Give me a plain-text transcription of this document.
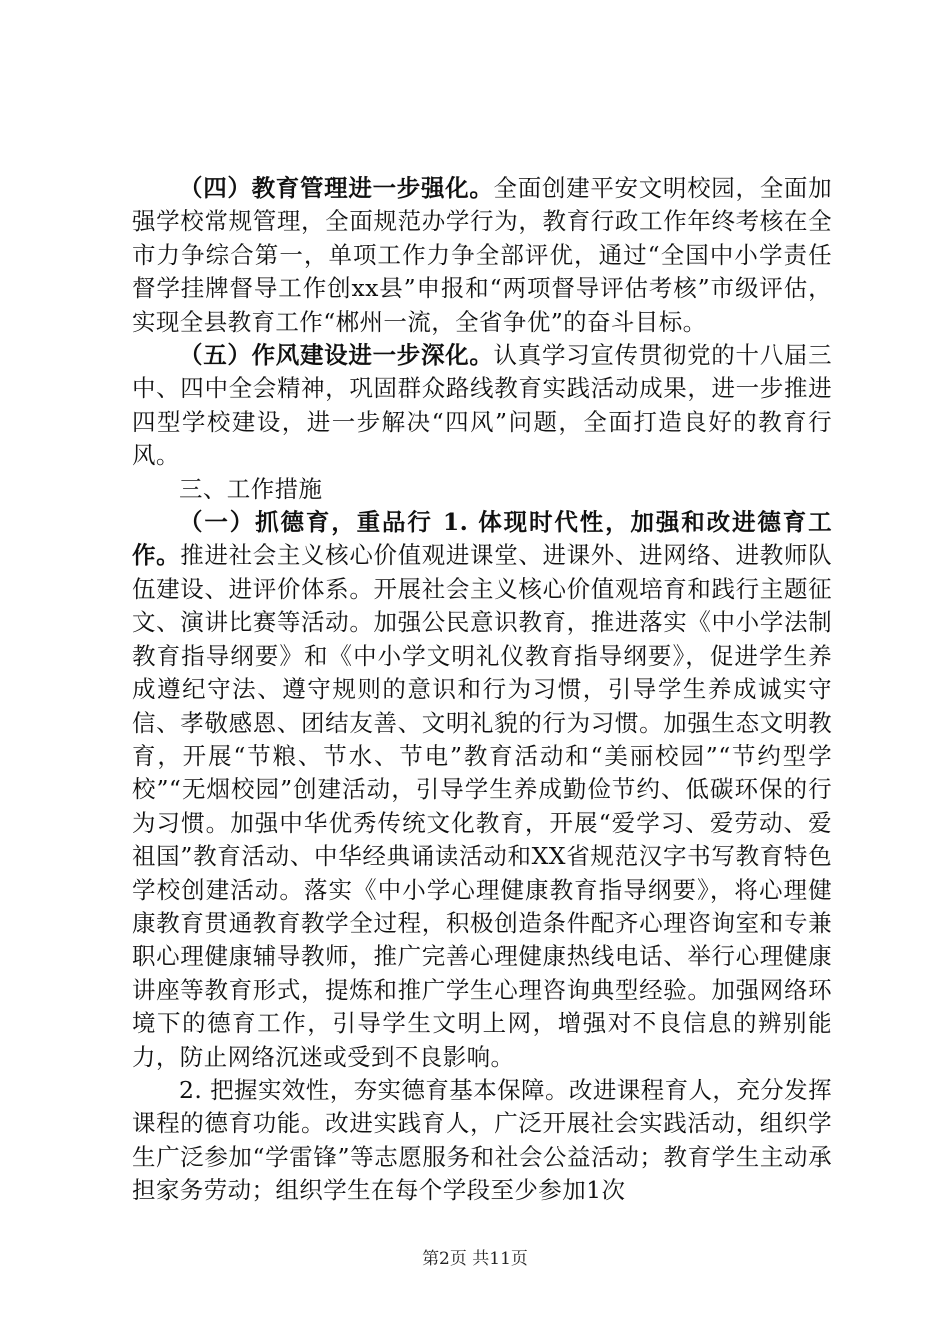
（四）教育管理进一步强化。全面创建平安文明校园，全面加强学校常规管理，全面规范办学行为，教育行政工作年终考核在全市力争综合第一，单项工作力争全部评优，通过“全国中小学责任督学挂牌督导工作创xx县”申报和“两项督导评估考核”市级评估，实现全县教育工作“郴州一流，全省争优”的奋斗目标。

（五）作风建设进一步深化。认真学习宣传贯彻党的十八届三中、四中全会精神，巩固群众路线教育实践活动成果，进一步推进四型学校建设，进一步解决“四风”问题，全面打造良好的教育行风。

三、工作措施

（一）抓德育，重品行 1. 体现时代性，加强和改进德育工作。推进社会主义核心价值观进课堂、进课外、进网络、进教师队伍建设、进评价体系。开展社会主义核心价值观培育和践行主题征文、演讲比赛等活动。加强公民意识教育，推进落实《中小学法制教育指导纲要》和《中小学文明礼仪教育指导纲要》，促进学生养成遵纪守法、遵守规则的意识和行为习惯，引导学生养成诚实守信、孝敬感恩、团结友善、文明礼貌的行为习惯。加强生态文明教育，开展“节粮、节水、节电”教育活动和“美丽校园”“节约型学校”“无烟校园”创建活动，引导学生养成勤俭节约、低碳环保的行为习惯。加强中华优秀传统文化教育，开展“爱学习、爱劳动、爱祖国”教育活动、中华经典诵读活动和XX省规范汉字书写教育特色学校创建活动。落实《中小学心理健康教育指导纲要》，将心理健康教育贯通教育教学全过程，积极创造条件配齐心理咨询室和专兼职心理健康辅导教师，推广完善心理健康热线电话、举行心理健康讲座等教育形式，提炼和推广学生心理咨询典型经验。加强网络环境下的德育工作，引导学生文明上网，增强对不良信息的辨别能力，防止网络沉迷或受到不良影响。

2. 把握实效性，夯实德育基本保障。改进课程育人，充分发挥课程的德育功能。改进实践育人，广泛开展社会实践活动，组织学生广泛参加“学雷锋”等志愿服务和社会公益活动；教育学生主动承担家务劳动；组织学生在每个学段至少参加1次

第2页 共11页
